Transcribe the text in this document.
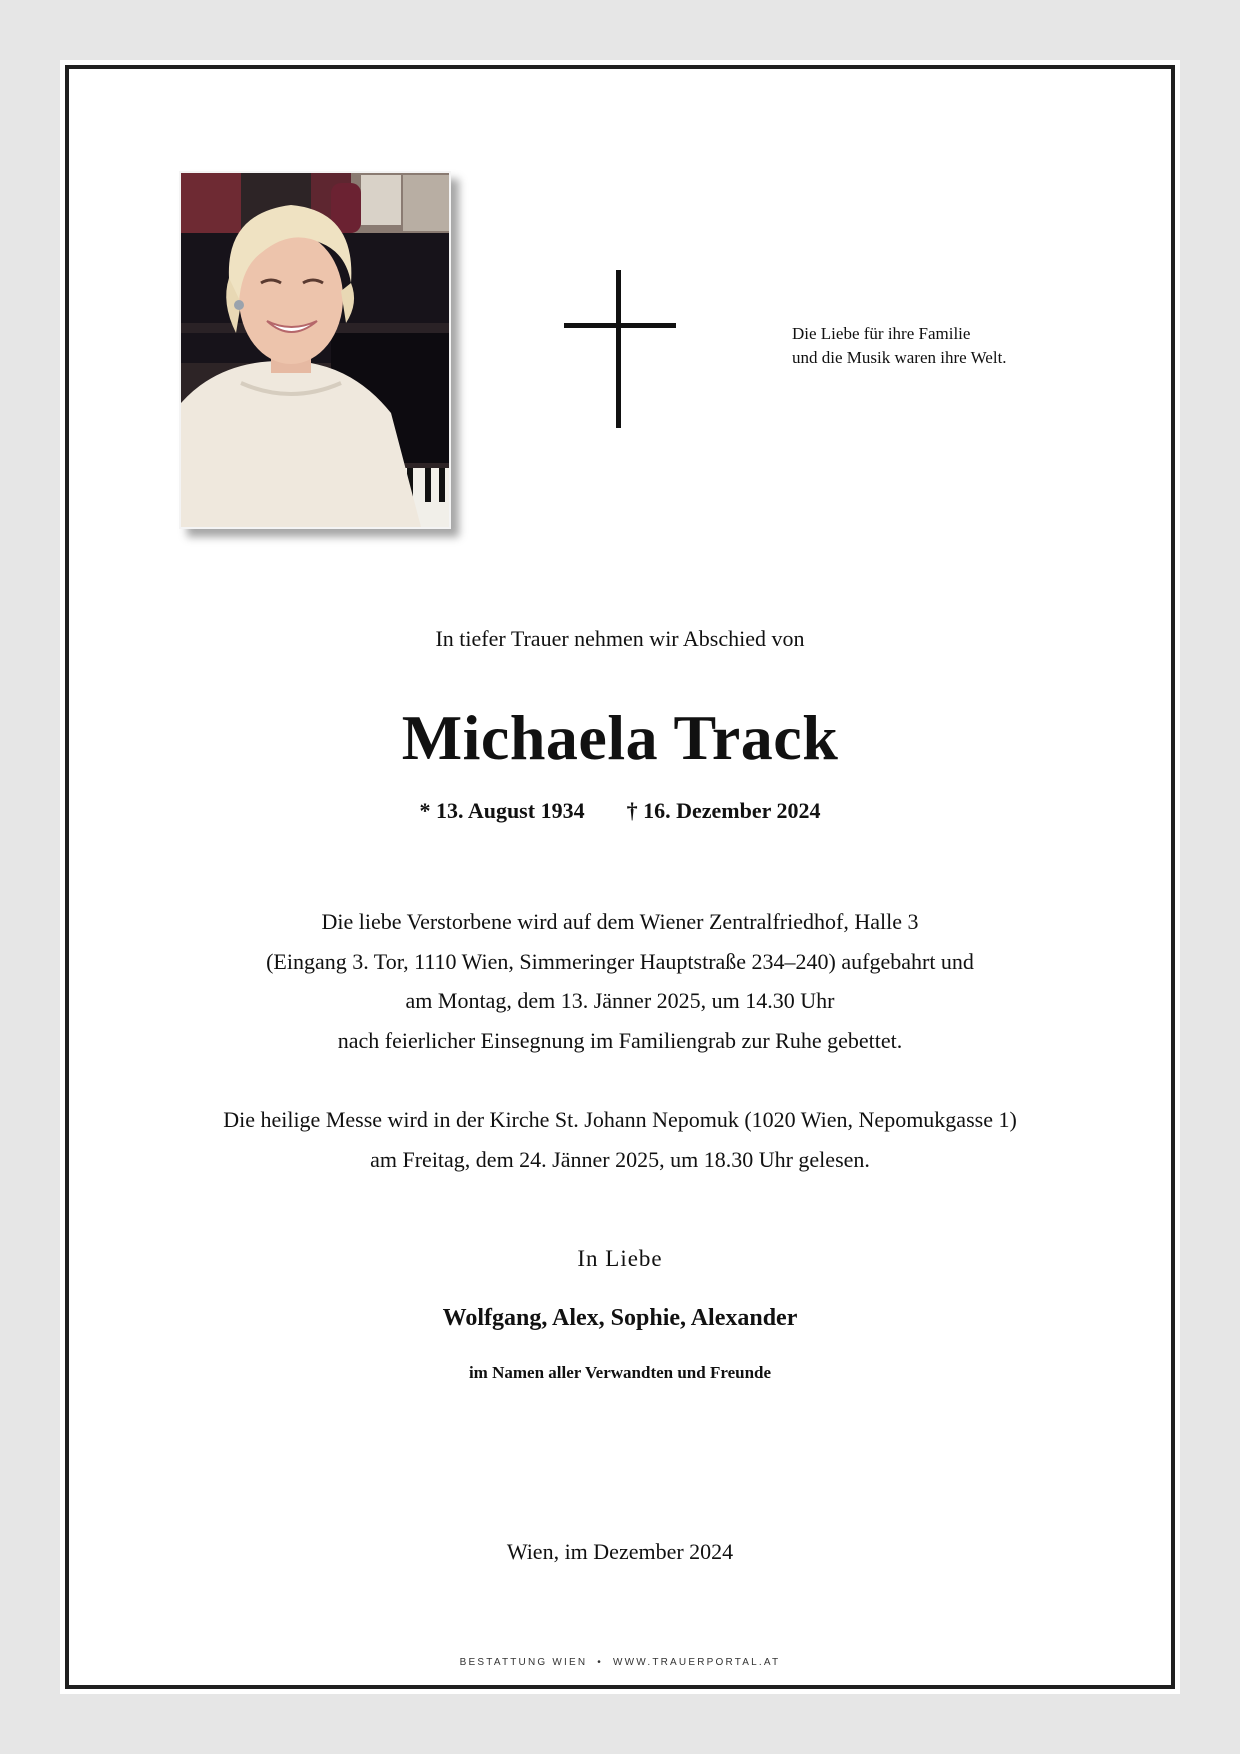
Die Liebe für ihre Familie
und die Musik waren ihre Welt.
In tiefer Trauer nehmen wir Abschied von
Michaela Track
* 13. August 1934 † 16. Dezember 2024
Die liebe Verstorbene wird auf dem Wiener Zentralfriedhof, Halle 3
(Eingang 3. Tor, 1110 Wien, Simmeringer Hauptstraße 234–240) aufgebahrt und
am Montag, dem 13. Jänner 2025, um 14.30 Uhr
nach feierlicher Einsegnung im Familiengrab zur Ruhe gebettet.
Die heilige Messe wird in der Kirche St. Johann Nepomuk (1020 Wien, Nepomukgasse 1)
am Freitag, dem 24. Jänner 2025, um 18.30 Uhr gelesen.
In Liebe
Wolfgang, Alex, Sophie, Alexander
im Namen aller Verwandten und Freunde
Wien, im Dezember 2024
BESTATTUNG WIEN • WWW.TRAUERPORTAL.AT
